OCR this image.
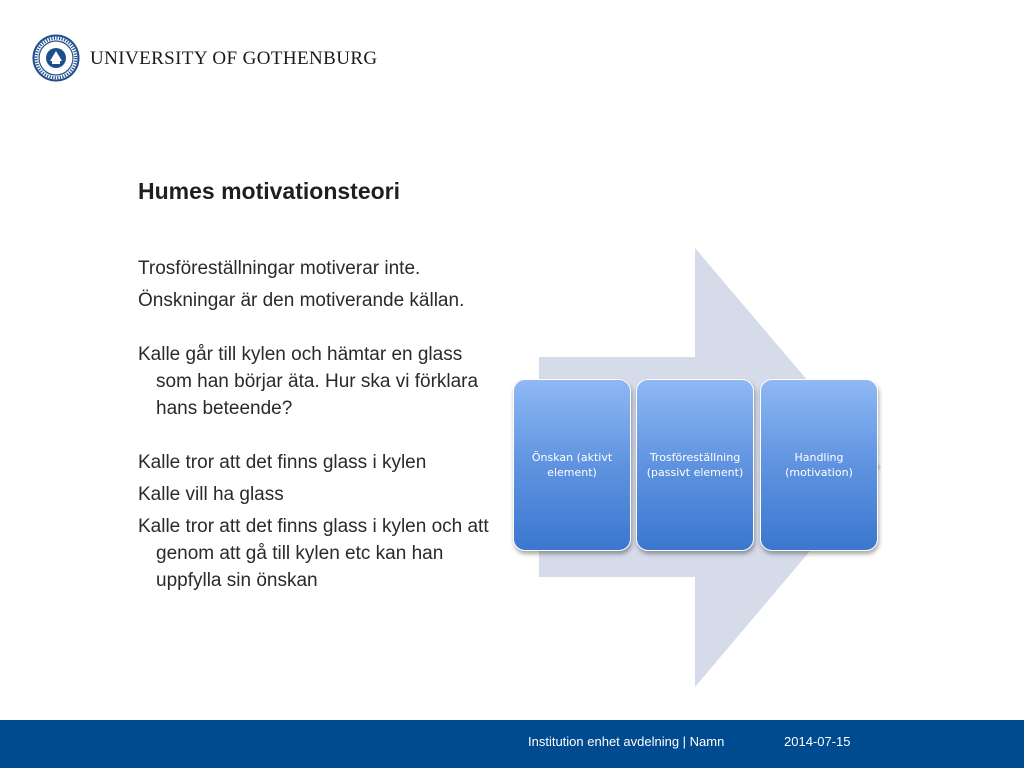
UNIVERSITY OF GOTHENBURG
Humes motivationsteori

Trosföreställningar motiverar inte.

Önskningar är den motiverande källan.

Kalle går till kylen och hämtar en glass som han börjar äta. Hur ska vi förklara hans beteende?

Kalle tror att det finns glass i kylen

Kalle vill ha glass

Kalle tror att det finns glass i kylen och att genom att gå till kylen etc kan han uppfylla sin önskan

Önskan (aktivt element)
Trosföreställning (passivt element)
Handling (motivation)
Institution enhet avdelning | Namn	2014-07-15
